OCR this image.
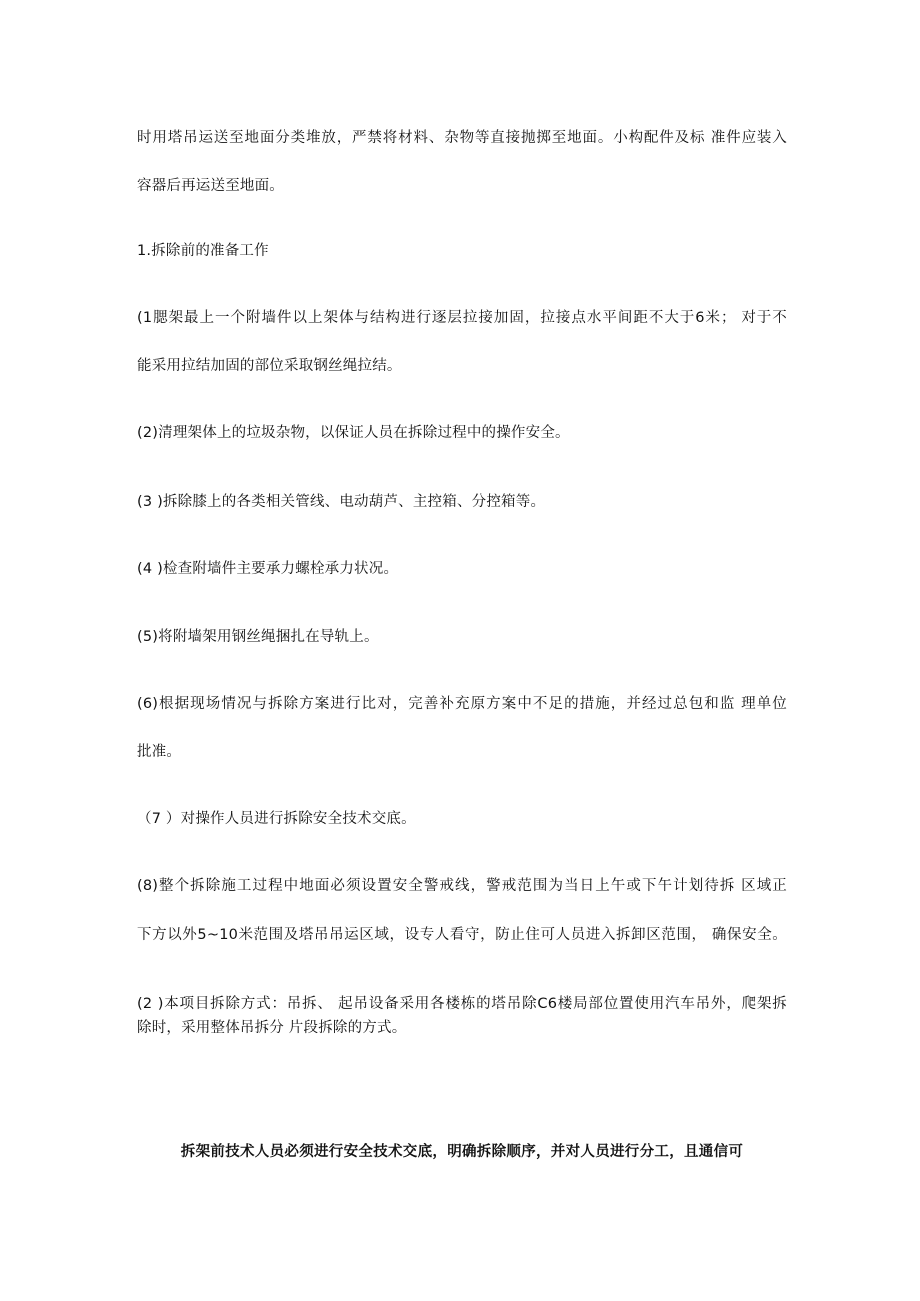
时用塔吊运送至地面分类堆放，严禁将材料、杂物等直接抛掷至地面。小构配件及标 准件应装入
容器后再运送至地面。
1.拆除前的准备工作
(1腮架最上一个附墙件以上架体与结构进行逐层拉接加固，拉接点水平间距不大于6米； 对于不
能采用拉结加固的部位采取钢丝绳拉结。
(2)清理架体上的垃圾杂物，以保证人员在拆除过程中的操作安全。
(3 )拆除膝上的各类相关管线、电动葫芦、主控箱、分控箱等。
(4 )检查附墙件主要承力螺栓承力状况。
(5)将附墙架用钢丝绳捆扎在导轨上。
(6)根据现场情况与拆除方案进行比对，完善补充原方案中不足的措施，并经过总包和监 理单位
批准。
（7 ）对操作人员进行拆除安全技术交底。
(8)整个拆除施工过程中地面必须设置安全警戒线，警戒范围为当日上午或下午计划待拆 区域正
下方以外5~10米范围及塔吊吊运区域，设专人看守，防止住可人员进入拆卸区范围， 确保安全。
(2 )本项目拆除方式：吊拆、 起吊设备采用各楼栋的塔吊除C6楼局部位置使用汽车吊外，爬架拆
除时，采用整体吊拆分 片段拆除的方式。
拆架前技术人员必须进行安全技术交底，明确拆除顺序，并对人员进行分工，且通信可
